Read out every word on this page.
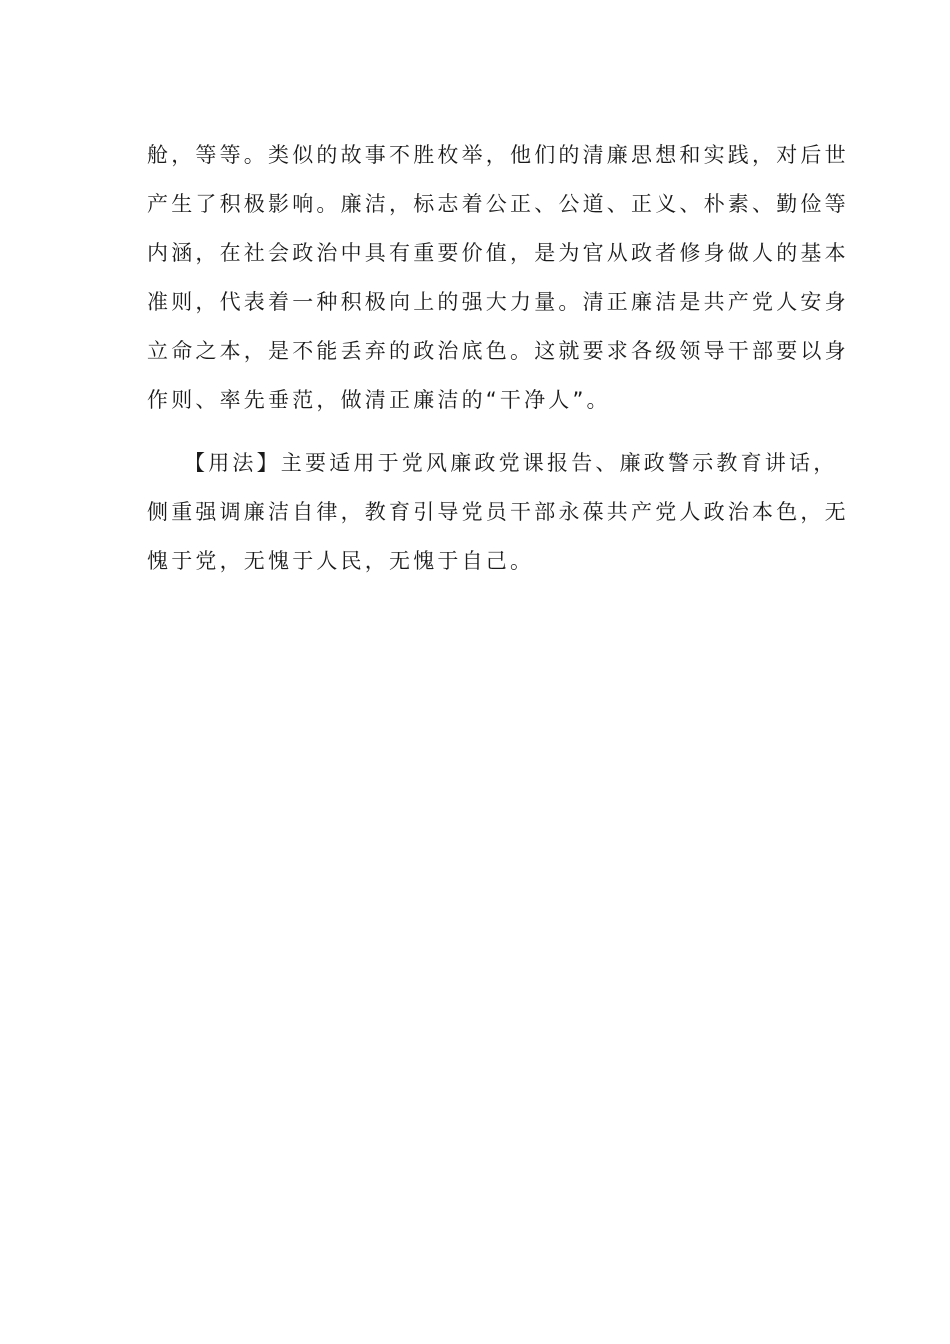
舱，等等。类似的故事不胜枚举，他们的清廉思想和实践，对后世
产生了积极影响。廉洁，标志着公正、公道、正义、朴素、勤俭等
内涵，在社会政治中具有重要价值，是为官从政者修身做人的基本
准则，代表着一种积极向上的强大力量。清正廉洁是共产党人安身
立命之本，是不能丢弃的政治底色。这就要求各级领导干部要以身
作则、率先垂范，做清正廉洁的“干净人”。
【用法】主要适用于党风廉政党课报告、廉政警示教育讲话，
侧重强调廉洁自律，教育引导党员干部永葆共产党人政治本色，无
愧于党，无愧于人民，无愧于自己。
